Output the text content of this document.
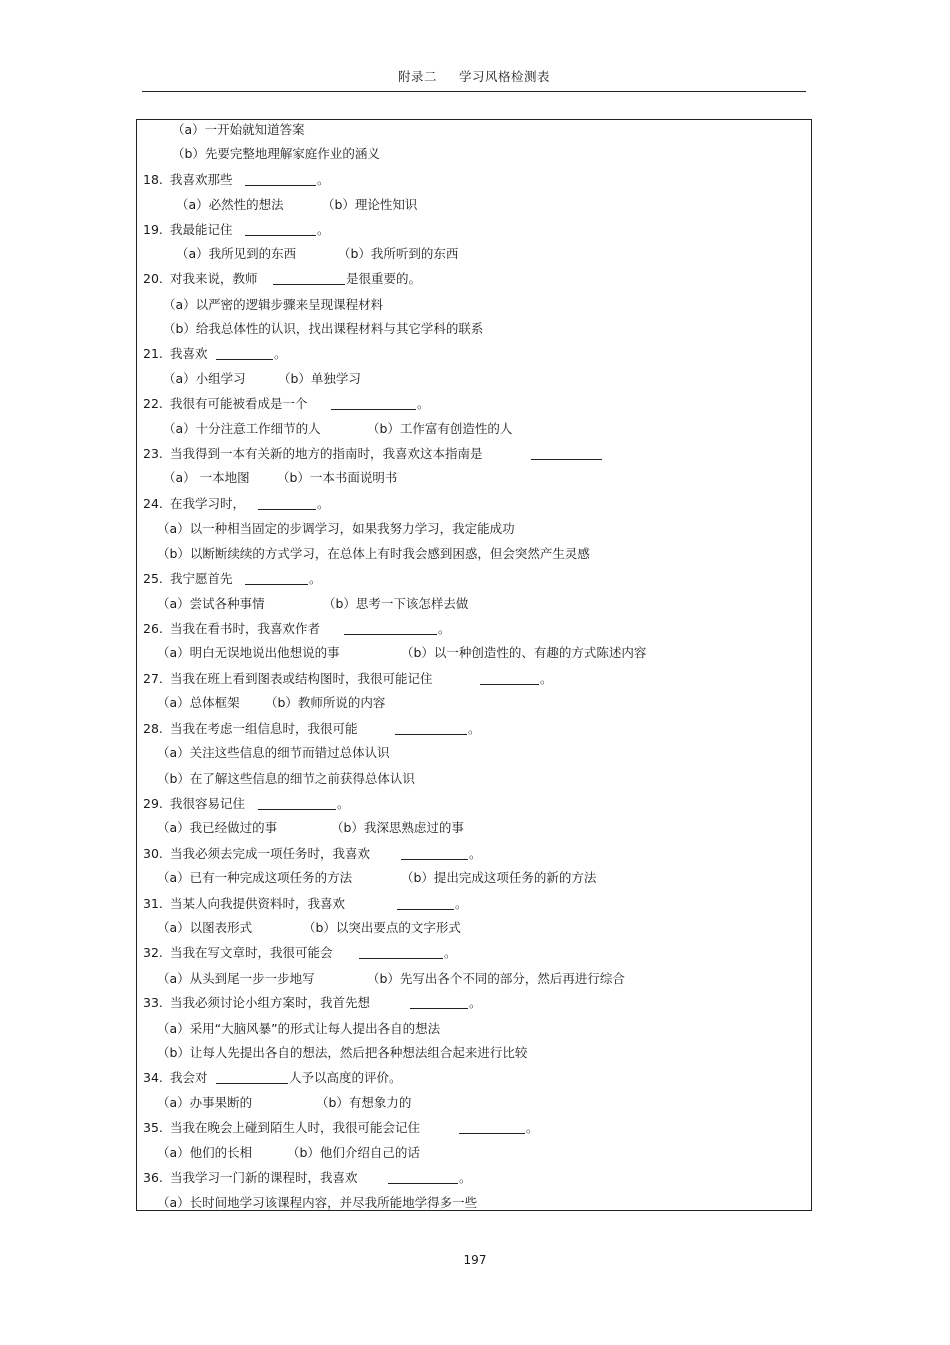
附录二 学习风格检测表
（a）一开始就知道答案
（b）先要完整地理解家庭作业的涵义
18. 我喜欢那些	。
（a）必然性的想法	（b）理论性知识
19. 我最能记住	。
（a）我所见到的东西	（b）我所听到的东西
20. 对我来说，教师	是很重要的。
（a）以严密的逻辑步骤来呈现课程材料
（b）给我总体性的认识，找出课程材料与其它学科的联系
21. 我喜欢	。
（a）小组学习	（b）单独学习
22. 我很有可能被看成是一个	。
（a）十分注意工作细节的人	（b）工作富有创造性的人
23. 当我得到一本有关新的地方的指南时，我喜欢这本指南是
（a） 一本地图 （b）一本书面说明书
24. 在我学习时，	。
（a）以一种相当固定的步调学习，如果我努力学习，我定能成功
（b）以断断续续的方式学习，在总体上有时我会感到困惑，但会突然产生灵感
25. 我宁愿首先	。
（a）尝试各种事情	（b）思考一下该怎样去做
26. 当我在看书时，我喜欢作者	。
（a）明白无误地说出他想说的事	（b）以一种创造性的、有趣的方式陈述内容
27. 当我在班上看到图表或结构图时，我很可能记住	。
（a）总体框架 （b）教师所说的内容
28. 当我在考虑一组信息时，我很可能	。
（a）关注这些信息的细节而错过总体认识
（b）在了解这些信息的细节之前获得总体认识
29. 我很容易记住	。
（a）我已经做过的事	（b）我深思熟虑过的事
30. 当我必须去完成一项任务时，我喜欢	。
（a）已有一种完成这项任务的方法	（b）提出完成这项任务的新的方法
31. 当某人向我提供资料时，我喜欢	。
（a）以图表形式	（b）以突出要点的文字形式
32. 当我在写文章时，我很可能会	。
（a）从头到尾一步一步地写	（b）先写出各个不同的部分，然后再进行综合
33. 当我必须讨论小组方案时，我首先想	。
（a）采用“大脑风暴”的形式让每人提出各自的想法
（b）让每人先提出各自的想法，然后把各种想法组合起来进行比较
34. 我会对	人予以高度的评价。
（a）办事果断的	（b）有想象力的
35. 当我在晚会上碰到陌生人时，我很可能会记住	。
（a）他们的长相	（b）他们介绍自己的话
36. 当我学习一门新的课程时，我喜欢	。
（a）长时间地学习该课程内容，并尽我所能地学得多一些
197
